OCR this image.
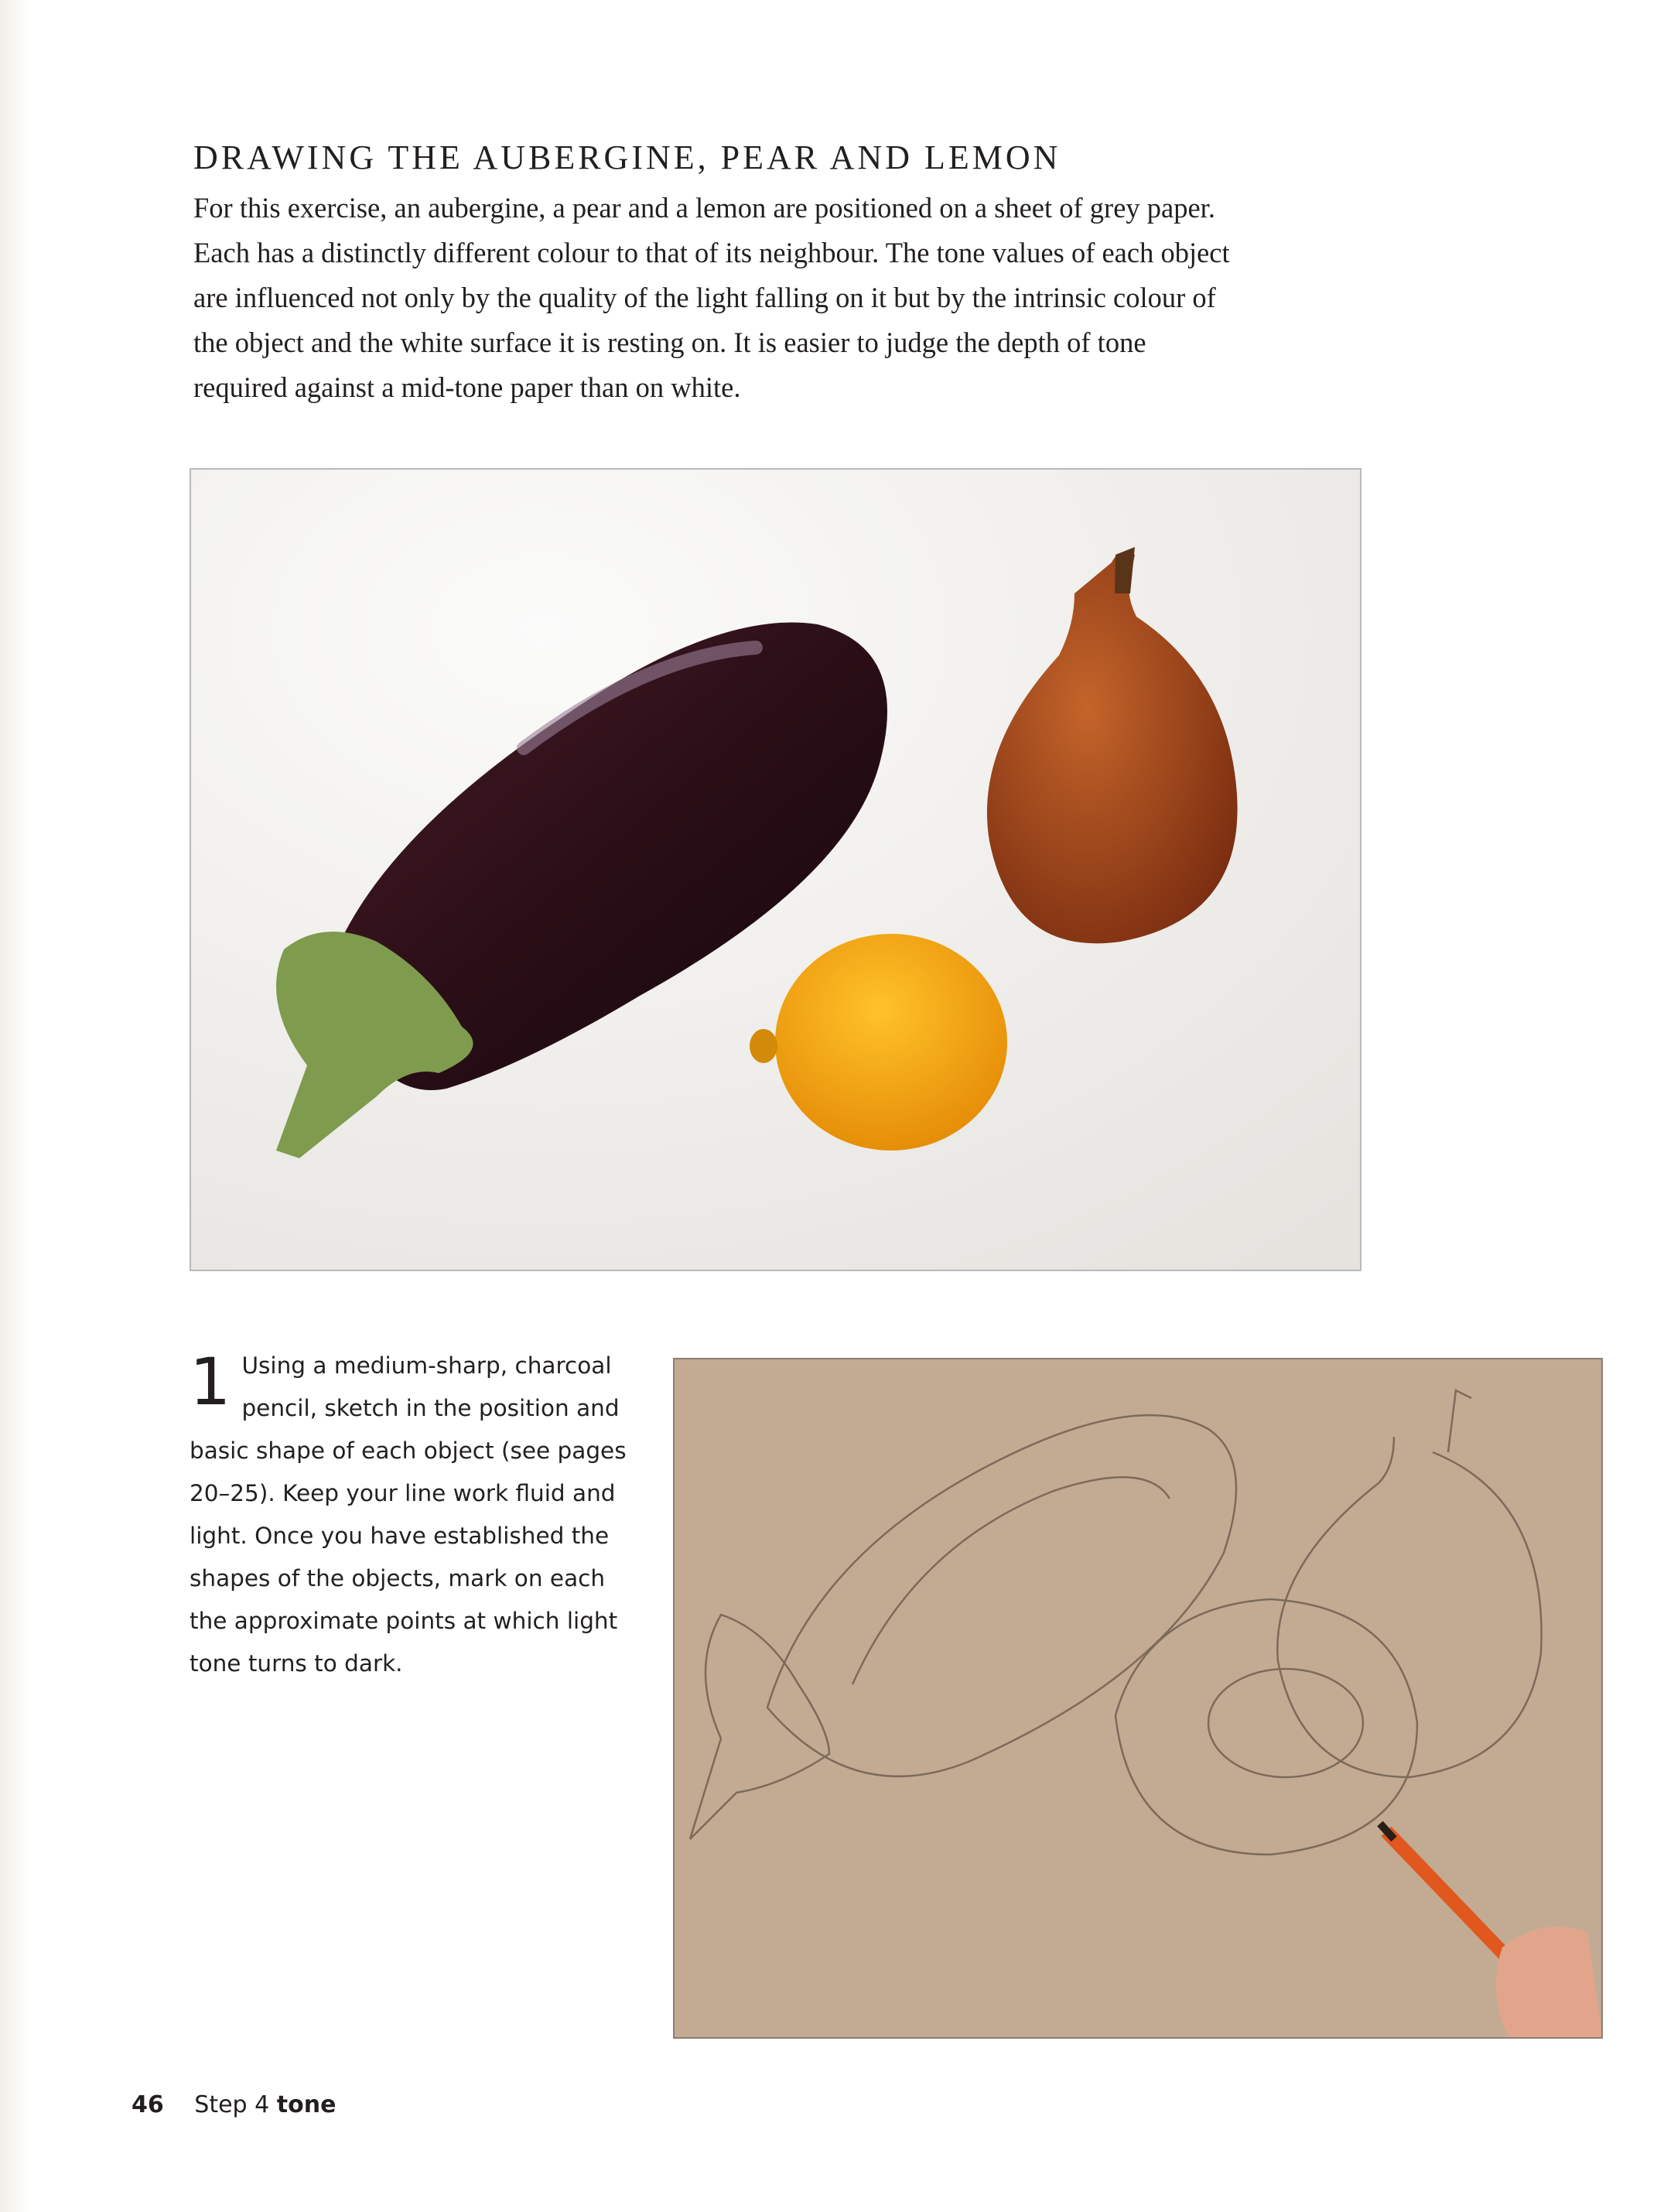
DRAWING THE AUBERGINE, PEAR AND LEMON

For this exercise, an aubergine, a pear and a lemon are positioned on a sheet of grey paper.
Each has a distinctly different colour to that of its neighbour. The tone values of each object
are influenced not only by the quality of the light falling on it but by the intrinsic colour of
the object and the white surface it is resting on. It is easier to judge the depth of tone
required against a mid-tone paper than on white.

1 Using a medium-sharp, charcoal
pencil, sketch in the position and
basic shape of each object (see pages
20–25). Keep your line work fluid and
light. Once you have established the
shapes of the objects, mark on each
the approximate points at which light
tone turns to dark.
46 Step 4 tone
